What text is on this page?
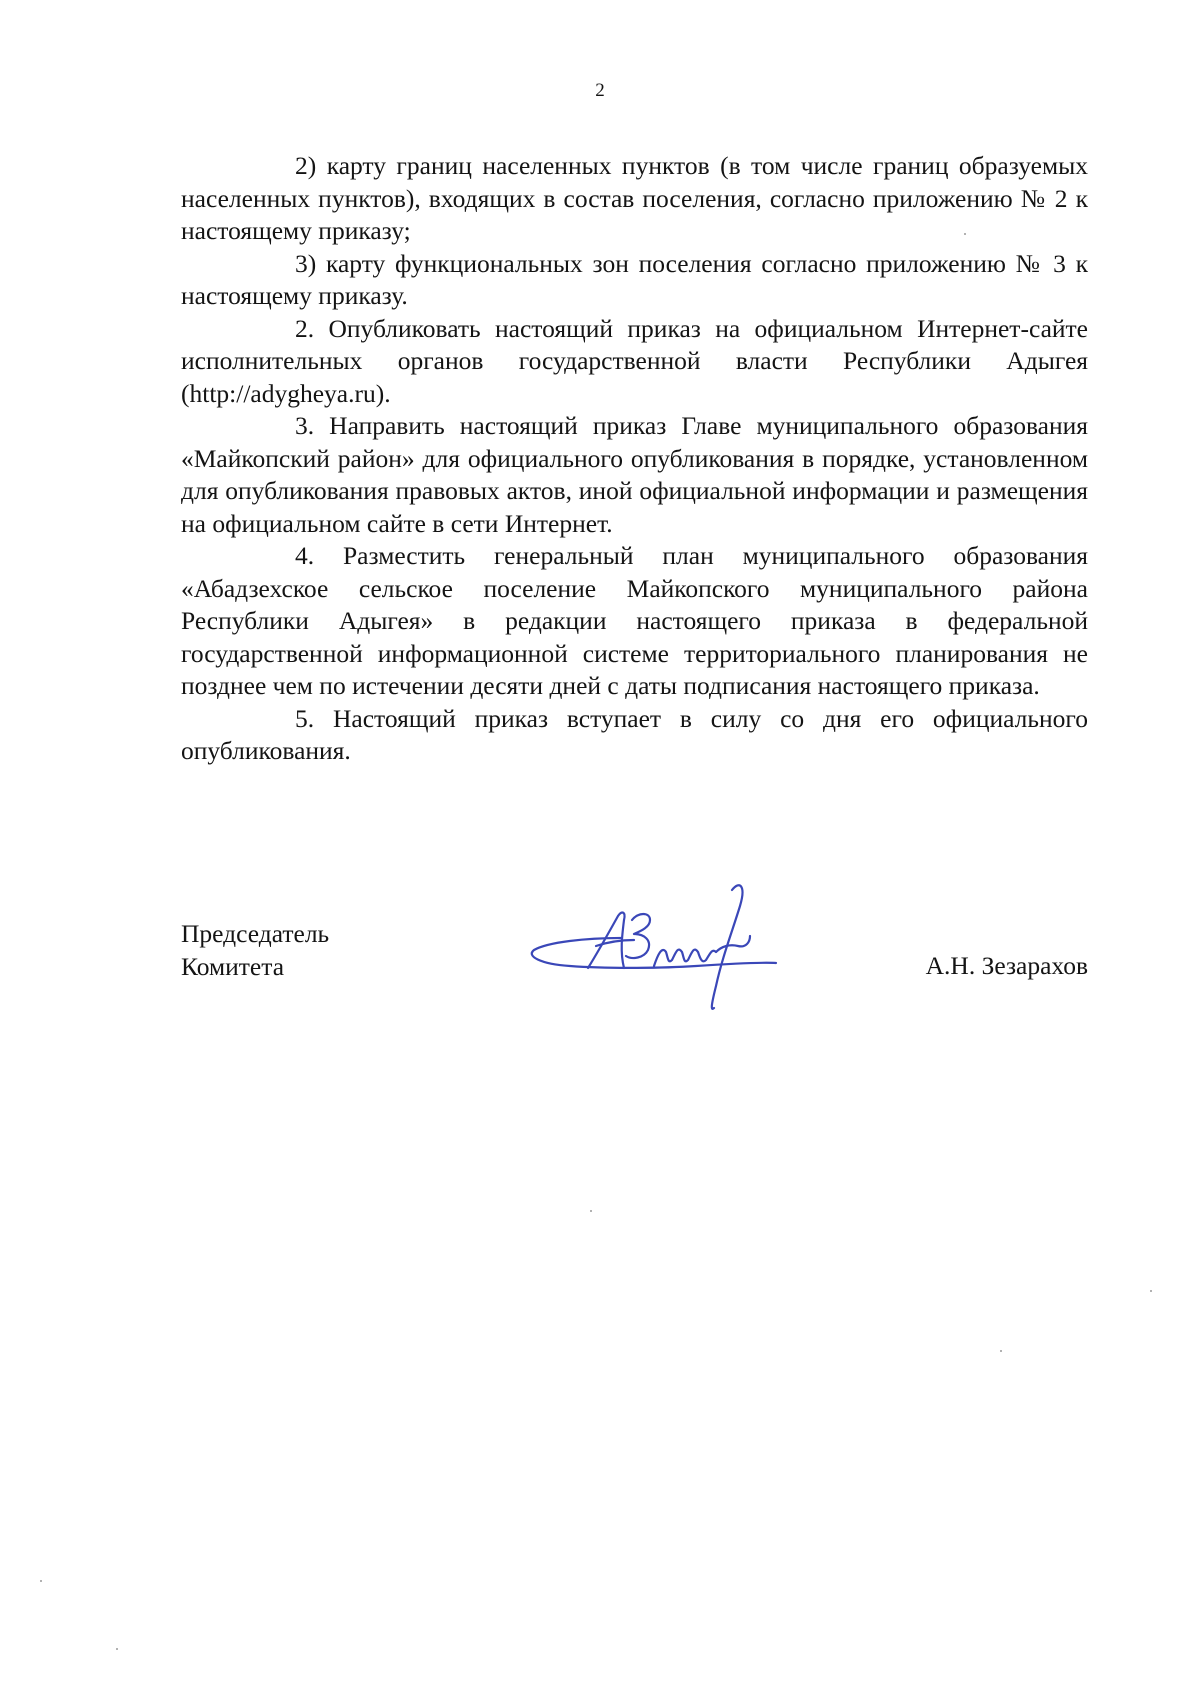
2

2) карту границ населенных пунктов (в том числе границ образуемых населенных пунктов), входящих в состав поселения, согласно приложению № 2 к настоящему приказу;

3) карту функциональных зон поселения согласно приложению № 3 к настоящему приказу.

2. Опубликовать настоящий приказ на официальном Интернет-сайте исполнительных органов государственной власти Республики Адыгея (http://adygheya.ru).

3. Направить настоящий приказ Главе муниципального образования «Майкопский район» для официального опубликования в порядке, установленном для опубликования правовых актов, иной официальной информации и размещения на официальном сайте в сети Интернет.

4. Разместить генеральный план муниципального образования «Абадзехское сельское поселение Майкопского муниципального района Республики Адыгея» в редакции настоящего приказа в федеральной государственной информационной системе территориального планирования не позднее чем по истечении десяти дней с даты подписания настоящего приказа.

5. Настоящий приказ вступает в силу со дня его официального опубликования.

Председатель
Комитета	А.Н. Зезарахов
